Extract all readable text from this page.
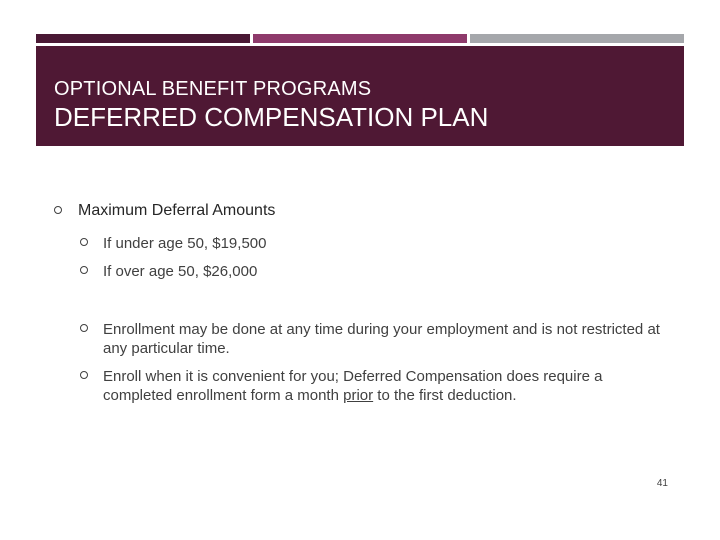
OPTIONAL BENEFIT PROGRAMS

DEFERRED COMPENSATION PLAN

Maximum Deferral Amounts
If under age 50, $19,500
If over age 50, $26,000
Enrollment may be done at any time during your employment and is not restricted at any particular time.
Enroll when it is convenient for you; Deferred Compensation does require a completed enrollment form a month prior to the first deduction.
41
